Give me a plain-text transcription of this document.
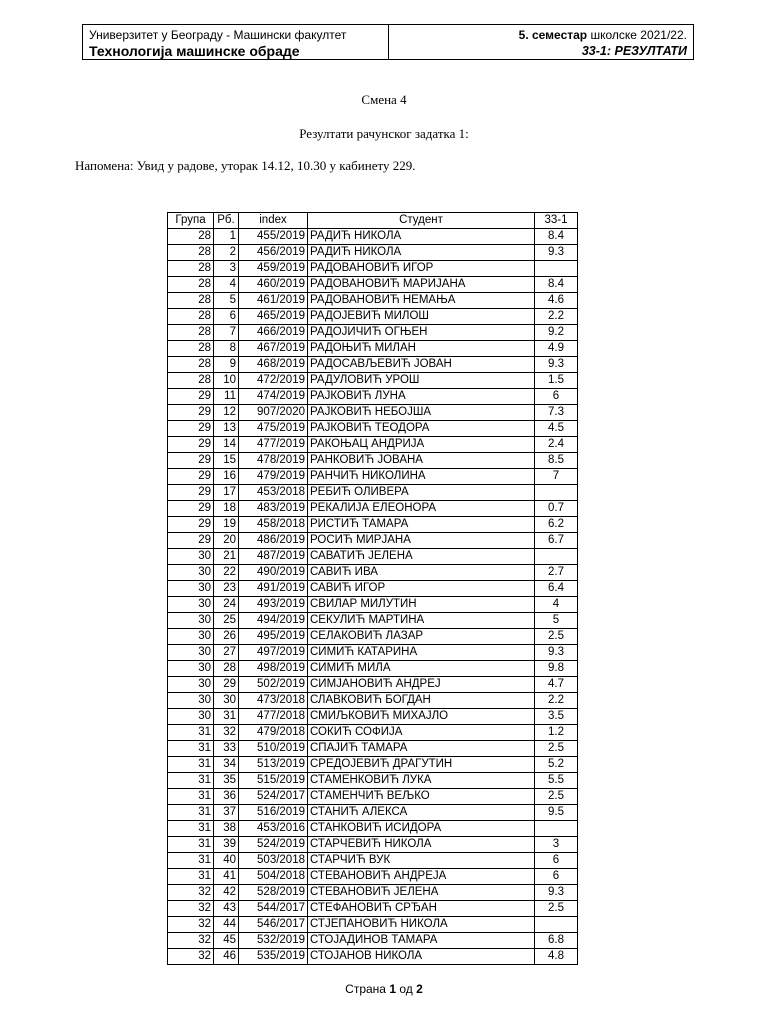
Универзитет у Београду - Машински факултет
Технологија машинске обраде
5. семестар школске 2021/22.
33-1: РЕЗУЛТАТИ
Смена 4
Резултати рачунског задатка 1:
Напомена: Увид у радове, уторак 14.12, 10.30 у кабинету 229.
Група	Рб.	index	Студент	33-1
28	1	455/2019	РАДИЋ НИКОЛА	8.4
28	2	456/2019	РАДИЋ НИКОЛА	9.3
28	3	459/2019	РАДОВАНОВИЋ ИГОР	
28	4	460/2019	РАДОВАНОВИЋ МАРИЈАНА	8.4
28	5	461/2019	РАДОВАНОВИЋ НЕМАЊА	4.6
28	6	465/2019	РАДОЈЕВИЋ МИЛОШ	2.2
28	7	466/2019	РАДОЈИЧИЋ ОГЊЕН	9.2
28	8	467/2019	РАДОЊИЋ МИЛАН	4.9
28	9	468/2019	РАДОСАВЉЕВИЋ ЈОВАН	9.3
28	10	472/2019	РАДУЛОВИЋ УРОШ	1.5
29	11	474/2019	РАЈКОВИЋ ЛУНА	6
29	12	907/2020	РАЈКОВИЋ НЕБОЈША	7.3
29	13	475/2019	РАЈКОВИЋ ТЕОДОРА	4.5
29	14	477/2019	РАКОЊАЦ АНДРИЈА	2.4
29	15	478/2019	РАНКОВИЋ ЈОВАНА	8.5
29	16	479/2019	РАНЧИЋ НИКОЛИНА	7
29	17	453/2018	РЕБИЋ ОЛИВЕРА	
29	18	483/2019	РЕКАЛИЈА ЕЛЕОНОРА	0.7
29	19	458/2018	РИСТИЋ ТАМАРА	6.2
29	20	486/2019	РОСИЋ МИРЈАНА	6.7
30	21	487/2019	САВАТИЋ ЈЕЛЕНА	
30	22	490/2019	САВИЋ ИВА	2.7
30	23	491/2019	САВИЋ ИГОР	6.4
30	24	493/2019	СВИЛАР МИЛУТИН	4
30	25	494/2019	СЕКУЛИЋ МАРТИНА	5
30	26	495/2019	СЕЛАКОВИЋ ЛАЗАР	2.5
30	27	497/2019	СИМИЋ КАТАРИНА	9.3
30	28	498/2019	СИМИЋ МИЛА	9.8
30	29	502/2019	СИМЈАНОВИЋ АНДРЕЈ	4.7
30	30	473/2018	СЛАВКОВИЋ БОГДАН	2.2
30	31	477/2018	СМИЉКОВИЋ МИХАЈЛО	3.5
31	32	479/2018	СОКИЋ СОФИЈА	1.2
31	33	510/2019	СПАЈИЋ ТАМАРА	2.5
31	34	513/2019	СРЕДОЈЕВИЋ ДРАГУТИН	5.2
31	35	515/2019	СТАМЕНКОВИЋ ЛУКА	5.5
31	36	524/2017	СТАМЕНЧИЋ ВЕЉКО	2.5
31	37	516/2019	СТАНИЋ АЛЕКСА	9.5
31	38	453/2016	СТАНКОВИЋ ИСИДОРА	
31	39	524/2019	СТАРЧЕВИЋ НИКОЛА	3
31	40	503/2018	СТАРЧИЋ ВУК	6
31	41	504/2018	СТЕВАНОВИЋ АНДРЕЈА	6
32	42	528/2019	СТЕВАНОВИЋ ЈЕЛЕНА	9.3
32	43	544/2017	СТЕФАНОВИЋ СРЂАН	2.5
32	44	546/2017	СТЈЕПАНОВИЋ НИКОЛА	
32	45	532/2019	СТОЈАДИНОВ ТАМАРА	6.8
32	46	535/2019	СТОЈАНОВ НИКОЛА	4.8
Страна 1 од 2
